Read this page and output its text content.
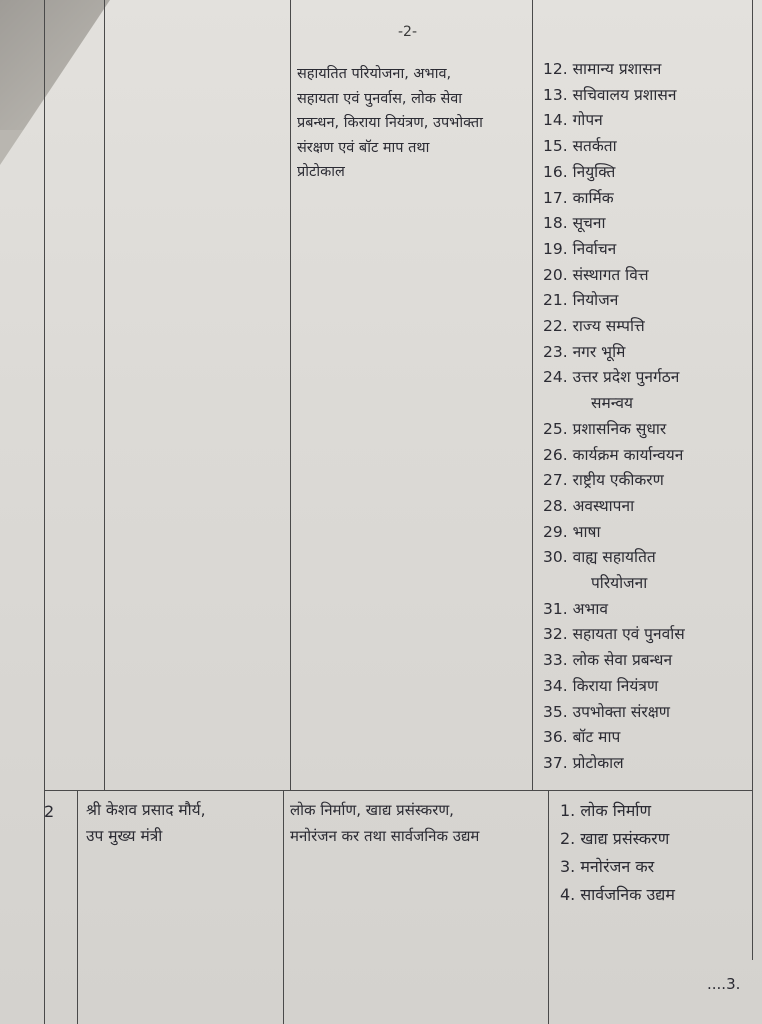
-2-
सहायतित परियोजना, अभाव,
सहायता एवं पुनर्वास, लोक सेवा
प्रबन्धन, किराया नियंत्रण, उपभोक्ता
संरक्षण एवं बॉट माप तथा
प्रोटोकाल
12. सामान्य प्रशासन
13. सचिवालय प्रशासन
14. गोपन
15. सतर्कता
16. नियुक्ति
17. कार्मिक
18. सूचना
19. निर्वाचन
20. संस्थागत वित्त
21. नियोजन
22. राज्य सम्पत्ति
23. नगर भूमि
24. उत्तर प्रदेश पुनर्गठन
समन्वय
25. प्रशासनिक सुधार
26. कार्यक्रम कार्यान्वयन
27. राष्ट्रीय एकीकरण
28. अवस्थापना
29. भाषा
30. वाह्य सहायतित
परियोजना
31. अभाव
32. सहायता एवं पुनर्वास
33. लोक सेवा प्रबन्धन
34. किराया नियंत्रण
35. उपभोक्ता संरक्षण
36. बॉट माप
37. प्रोटोकाल
2 श्री केशव प्रसाद मौर्य,
उप मुख्य मंत्री
लोक निर्माण, खाद्य प्रसंस्करण,
मनोरंजन कर तथा सार्वजनिक उद्यम
1. लोक निर्माण
2. खाद्य प्रसंस्करण
3. मनोरंजन कर
4. सार्वजनिक उद्यम
....3.
